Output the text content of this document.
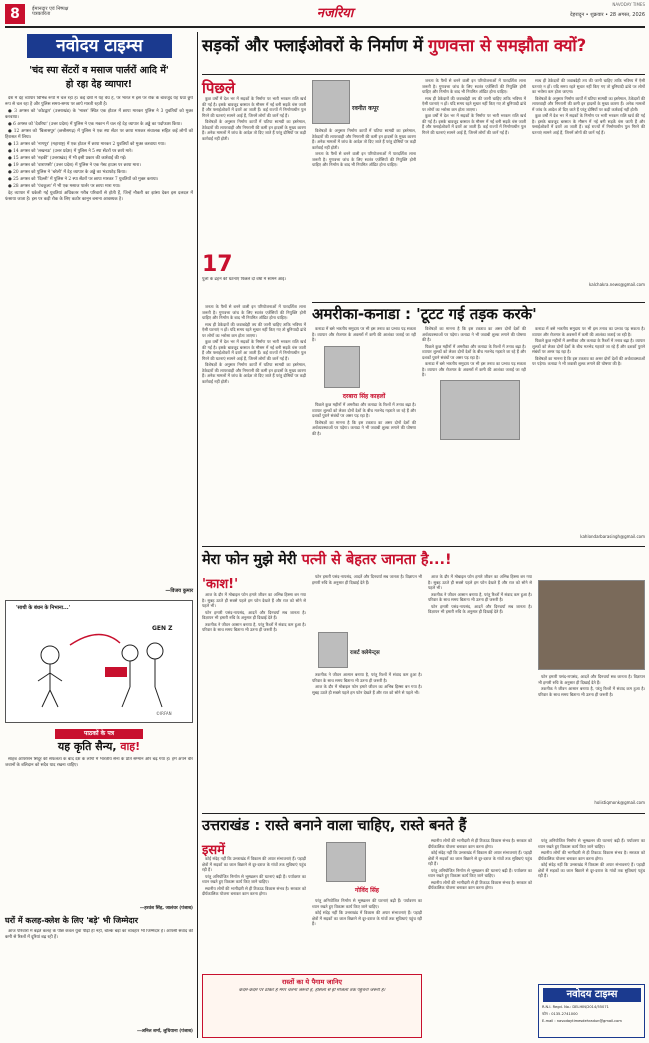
8	ईमानदार एवं निष्पक्ष
पत्रकारिता	नजरिया	देहरादून • शुक्रवार • 28 अगस्त, 2026
NAVODAY TIMES
नवोदय टाइम्स
'चंद स्पा सेंटरों व मसाज पार्लरों आदि में'
हो रहा देह व्यापार!

देश में देह व्यापार विभिन्न रूपों में चल रहा है। कई देशों में यह वैध है, पर भारत में इस पर रोक के बावजूद यह धंधा छुपे रूप से चल रहा है और पुलिस समय-समय पर छापे मारती रहती है।

● 3 अगस्त को 'कोटद्वार' (उत्तराखंड) के 'भाबर' स्थित एक होटल में छापा मारकर पुलिस ने 3 युवतियों को मुक्त करवाया।

● 6 अगस्त को 'देवरिया' (उत्तर प्रदेश) में पुलिस ने एक मकान में चल रहे देह व्यापार के अड्डे का पर्दाफाश किया।

● 12 अगस्त को 'बिलासपुर' (छत्तीसगढ़) में पुलिस ने एक स्पा सेंटर पर छापा मारकर संचालक सहित कई लोगों को हिरासत में लिया।

● 13 अगस्त को 'नागपुर' (महाराष्ट्र) में एक होटल में छापा मारकर 2 युवतियों को मुक्त करवाया गया।

● 14 अगस्त को 'लखनऊ' (उत्तर प्रदेश) में पुलिस ने 5 स्पा सेंटरों पर छापे मारे।

● 15 अगस्त को 'रुड़की' (उत्तराखंड) में भी इसी प्रकार की कार्रवाई की गई।

● 19 अगस्त को 'वाराणसी' (उत्तर प्रदेश) में पुलिस ने एक गेस्ट हाउस पर छापा मारा।

● 20 अगस्त को पुलिस ने 'बरेली' में देह व्यापार के अड्डे का भंडाफोड़ किया।

● 25 अगस्त को 'दिल्ली' में पुलिस ने 2 स्पा सेंटरों पर छापा मारकर 7 युवतियों को मुक्त कराया।

● 28 अगस्त को 'पंचकूला' में भी एक मसाज पार्लर पर छापा मारा गया।

देह व्यापार में धकेली गई युवतियां अधिकतर गरीब परिवारों से होती हैं, जिन्हें नौकरी का झांसा देकर इस दलदल में फंसाया जाता है। इस पर कड़ी रोक के लिए कठोर कानून बनाना आवश्यक है।

—विजय कुमार
'साथी के बंधन के निभाना...'
GEN Z
©IRFAN
पाठकों के पत्र
यह कृति सैन्य, वाह!

साहब ऑपरेशन सिंदूर की सफलता के बाद देश के लोगों में भारतीय सेना के प्रति सम्मान और बढ़ गया है। हमें अपने वीर जवानों के बलिदान को सदैव याद रखना चाहिए।

—हरवंश सिंह, जालंधर (पंजाब)
घरों में कलह-क्लेश के लिए 'बड़े' भी जिम्मेदार

आज परिवारों में बढ़ते कलह के पीछे केवल युवा पीढ़ी ही नहीं, बल्कि बड़ों का व्यवहार भी जिम्मेदार है। आपसी संवाद की कमी से रिश्तों में दूरियां बढ़ रही हैं।

—अनिल शर्मा, लुधियाना (पंजाब)
सड़कों और फ्लाईओवरों के निर्माण में गुणवत्ता से समझौता क्यों?
पिछले

कुछ वर्षों में देश भर में सड़कों के निर्माण पर भारी भरकम राशि खर्च की गई है। इसके बावजूद बरसात के मौसम में नई बनी सड़कें धंस जाती हैं और फ्लाईओवरों में दरारें आ जाती हैं। कई राज्यों में निर्माणाधीन पुल गिरने की घटनाएं सामने आई हैं, जिनमें लोगों की जानें गई हैं।

विशेषज्ञों के अनुसार निर्माण कार्यों में घटिया सामग्री का इस्तेमाल, ठेकेदारों की लापरवाही और निगरानी की कमी इन हादसों के मुख्य कारण हैं। अनेक मामलों में जांच के आदेश तो दिए जाते हैं परंतु दोषियों पर कड़ी कार्रवाई नहीं होती।

17
पुलों के ढहने की घटनाएं पिछले दो वर्षों में सामने आईं।
रवनीत कपूर

विशेषज्ञों के अनुसार निर्माण कार्यों में घटिया सामग्री का इस्तेमाल, ठेकेदारों की लापरवाही और निगरानी की कमी इन हादसों के मुख्य कारण हैं। अनेक मामलों में जांच के आदेश तो दिए जाते हैं परंतु दोषियों पर कड़ी कार्रवाई नहीं होती।

जनता के पैसों से बनने वाली इन परियोजनाओं में पारदर्शिता लाना जरूरी है। गुणवत्ता जांच के लिए स्वतंत्र एजेंसियों की नियुक्ति होनी चाहिए और निर्माण के बाद भी नियमित ऑडिट होना चाहिए।

जनता के पैसों से बनने वाली इन परियोजनाओं में पारदर्शिता लाना जरूरी है। गुणवत्ता जांच के लिए स्वतंत्र एजेंसियों की नियुक्ति होनी चाहिए और निर्माण के बाद भी नियमित ऑडिट होना चाहिए।

साथ ही ठेकेदारों की जवाबदेही तय की जानी चाहिए ताकि भविष्य में ऐसी घटनाएं न हों। यदि समय रहते सुधार नहीं किए गए तो बुनियादी ढांचे पर लोगों का भरोसा कम होता जाएगा।

कुछ वर्षों में देश भर में सड़कों के निर्माण पर भारी भरकम राशि खर्च की गई है। इसके बावजूद बरसात के मौसम में नई बनी सड़कें धंस जाती हैं और फ्लाईओवरों में दरारें आ जाती हैं। कई राज्यों में निर्माणाधीन पुल गिरने की घटनाएं सामने आई हैं, जिनमें लोगों की जानें गई हैं।

साथ ही ठेकेदारों की जवाबदेही तय की जानी चाहिए ताकि भविष्य में ऐसी घटनाएं न हों। यदि समय रहते सुधार नहीं किए गए तो बुनियादी ढांचे पर लोगों का भरोसा कम होता जाएगा।

विशेषज्ञों के अनुसार निर्माण कार्यों में घटिया सामग्री का इस्तेमाल, ठेकेदारों की लापरवाही और निगरानी की कमी इन हादसों के मुख्य कारण हैं। अनेक मामलों में जांच के आदेश तो दिए जाते हैं परंतु दोषियों पर कड़ी कार्रवाई नहीं होती।

कुछ वर्षों में देश भर में सड़कों के निर्माण पर भारी भरकम राशि खर्च की गई है। इसके बावजूद बरसात के मौसम में नई बनी सड़कें धंस जाती हैं और फ्लाईओवरों में दरारें आ जाती हैं। कई राज्यों में निर्माणाधीन पुल गिरने की घटनाएं सामने आई हैं, जिनमें लोगों की जानें गई हैं।

kalchakra.news@gmail.com
अमरीका-कनाडा : 'टूटट गई तड़क करके'
दरबारा सिंह काहलों

कनाडा में बसे भारतीय समुदाय पर भी इस तनाव का प्रभाव पड़ सकता है। व्यापार और रोजगार के अवसरों में कमी की आशंका जताई जा रही है।

पिछले कुछ महीनों में अमरीका और कनाडा के रिश्तों में तनाव बढ़ा है। व्यापार शुल्कों को लेकर दोनों देशों के बीच मतभेद गहराते जा रहे हैं और दशकों पुराने संबंधों पर असर पड़ रहा है।

विशेषज्ञों का मानना है कि इस टकराव का असर दोनों देशों की अर्थव्यवस्थाओं पर पड़ेगा। कनाडा ने भी जवाबी शुल्क लगाने की घोषणा की है।

विशेषज्ञों का मानना है कि इस टकराव का असर दोनों देशों की अर्थव्यवस्थाओं पर पड़ेगा। कनाडा ने भी जवाबी शुल्क लगाने की घोषणा की है।

पिछले कुछ महीनों में अमरीका और कनाडा के रिश्तों में तनाव बढ़ा है। व्यापार शुल्कों को लेकर दोनों देशों के बीच मतभेद गहराते जा रहे हैं और दशकों पुराने संबंधों पर असर पड़ रहा है।

कनाडा में बसे भारतीय समुदाय पर भी इस तनाव का प्रभाव पड़ सकता है। व्यापार और रोजगार के अवसरों में कमी की आशंका जताई जा रही है।

कनाडा में बसे भारतीय समुदाय पर भी इस तनाव का प्रभाव पड़ सकता है। व्यापार और रोजगार के अवसरों में कमी की आशंका जताई जा रही है।

पिछले कुछ महीनों में अमरीका और कनाडा के रिश्तों में तनाव बढ़ा है। व्यापार शुल्कों को लेकर दोनों देशों के बीच मतभेद गहराते जा रहे हैं और दशकों पुराने संबंधों पर असर पड़ रहा है।

विशेषज्ञों का मानना है कि इस टकराव का असर दोनों देशों की अर्थव्यवस्थाओं पर पड़ेगा। कनाडा ने भी जवाबी शुल्क लगाने की घोषणा की है।

kahlondarbarasingh@gmail.com

जनता के पैसों से बनने वाली इन परियोजनाओं में पारदर्शिता लाना जरूरी है। गुणवत्ता जांच के लिए स्वतंत्र एजेंसियों की नियुक्ति होनी चाहिए और निर्माण के बाद भी नियमित ऑडिट होना चाहिए।

साथ ही ठेकेदारों की जवाबदेही तय की जानी चाहिए ताकि भविष्य में ऐसी घटनाएं न हों। यदि समय रहते सुधार नहीं किए गए तो बुनियादी ढांचे पर लोगों का भरोसा कम होता जाएगा।

कुछ वर्षों में देश भर में सड़कों के निर्माण पर भारी भरकम राशि खर्च की गई है। इसके बावजूद बरसात के मौसम में नई बनी सड़कें धंस जाती हैं और फ्लाईओवरों में दरारें आ जाती हैं। कई राज्यों में निर्माणाधीन पुल गिरने की घटनाएं सामने आई हैं, जिनमें लोगों की जानें गई हैं।

विशेषज्ञों के अनुसार निर्माण कार्यों में घटिया सामग्री का इस्तेमाल, ठेकेदारों की लापरवाही और निगरानी की कमी इन हादसों के मुख्य कारण हैं। अनेक मामलों में जांच के आदेश तो दिए जाते हैं परंतु दोषियों पर कड़ी कार्रवाई नहीं होती।

मेरा फोन मुझे मेरी पत्नी से बेहतर जानता है...!
'काश!'

आज के दौर में मोबाइल फोन हमारे जीवन का अभिन्न हिस्सा बन गया है। सुबह उठते ही सबसे पहले हम फोन देखते हैं और रात को सोने से पहले भी।

फोन हमारी पसंद-नापसंद, आदतें और दिनचर्या सब जानता है। विज्ञापन भी हमारी रुचि के अनुसार ही दिखाई देते हैं।

तकनीक ने जीवन आसान बनाया है, परंतु रिश्तों में संवाद कम हुआ है। परिवार के साथ समय बिताना भी उतना ही जरूरी है।

फोन हमारी पसंद-नापसंद, आदतें और दिनचर्या सब जानता है। विज्ञापन भी हमारी रुचि के अनुसार ही दिखाई देते हैं।

राबर्ट क्लेमेन्ट्स

तकनीक ने जीवन आसान बनाया है, परंतु रिश्तों में संवाद कम हुआ है। परिवार के साथ समय बिताना भी उतना ही जरूरी है।

आज के दौर में मोबाइल फोन हमारे जीवन का अभिन्न हिस्सा बन गया है। सुबह उठते ही सबसे पहले हम फोन देखते हैं और रात को सोने से पहले भी।

आज के दौर में मोबाइल फोन हमारे जीवन का अभिन्न हिस्सा बन गया है। सुबह उठते ही सबसे पहले हम फोन देखते हैं और रात को सोने से पहले भी।

तकनीक ने जीवन आसान बनाया है, परंतु रिश्तों में संवाद कम हुआ है। परिवार के साथ समय बिताना भी उतना ही जरूरी है।

फोन हमारी पसंद-नापसंद, आदतें और दिनचर्या सब जानता है। विज्ञापन भी हमारी रुचि के अनुसार ही दिखाई देते हैं।

फोन हमारी पसंद-नापसंद, आदतें और दिनचर्या सब जानता है। विज्ञापन भी हमारी रुचि के अनुसार ही दिखाई देते हैं।

तकनीक ने जीवन आसान बनाया है, परंतु रिश्तों में संवाद कम हुआ है। परिवार के साथ समय बिताना भी उतना ही जरूरी है।

holistiqmonk@gmail.com
उत्तराखंड : रास्ते बनाने वाला चाहिए, रास्ते बनते हैं
इसमें

कोई संदेह नहीं कि उत्तराखंड में विकास की अपार संभावनाएं हैं। पहाड़ी क्षेत्रों में सड़कों का जाल बिछाने से दूर-दराज के गांवों तक सुविधाएं पहुंच रही हैं।

परंतु अनियोजित निर्माण से भूस्खलन की घटनाएं बढ़ी हैं। पर्यावरण का ध्यान रखते हुए विकास कार्य किए जाने चाहिए।

स्थानीय लोगों की भागीदारी से ही टिकाऊ विकास संभव है। सरकार को दीर्घकालिक योजना बनाकर काम करना होगा।	गोविंद सिंह

परंतु अनियोजित निर्माण से भूस्खलन की घटनाएं बढ़ी हैं। पर्यावरण का ध्यान रखते हुए विकास कार्य किए जाने चाहिए।

कोई संदेह नहीं कि उत्तराखंड में विकास की अपार संभावनाएं हैं। पहाड़ी क्षेत्रों में सड़कों का जाल बिछाने से दूर-दराज के गांवों तक सुविधाएं पहुंच रही हैं।

स्थानीय लोगों की भागीदारी से ही टिकाऊ विकास संभव है। सरकार को दीर्घकालिक योजना बनाकर काम करना होगा।

कोई संदेह नहीं कि उत्तराखंड में विकास की अपार संभावनाएं हैं। पहाड़ी क्षेत्रों में सड़कों का जाल बिछाने से दूर-दराज के गांवों तक सुविधाएं पहुंच रही हैं।

परंतु अनियोजित निर्माण से भूस्खलन की घटनाएं बढ़ी हैं। पर्यावरण का ध्यान रखते हुए विकास कार्य किए जाने चाहिए।

स्थानीय लोगों की भागीदारी से ही टिकाऊ विकास संभव है। सरकार को दीर्घकालिक योजना बनाकर काम करना होगा।

परंतु अनियोजित निर्माण से भूस्खलन की घटनाएं बढ़ी हैं। पर्यावरण का ध्यान रखते हुए विकास कार्य किए जाने चाहिए।

स्थानीय लोगों की भागीदारी से ही टिकाऊ विकास संभव है। सरकार को दीर्घकालिक योजना बनाकर काम करना होगा।

कोई संदेह नहीं कि उत्तराखंड में विकास की अपार संभावनाएं हैं। पहाड़ी क्षेत्रों में सड़कों का जाल बिछाने से दूर-दराज के गांवों तक सुविधाएं पहुंच रही हैं।

रास्तों का ये पैगाम जानिए
कदम-कदम पर ठोकरें हैं मगर चलना जरूरी है, हौसलों से ही मंजिलों तक पहुंचना जरूरी है।	नवोदय टाइम्स
R.N.I. Regd. No.: DELHIN/2014/55071
फोन : 0135-2741000
E-mail : navodaytimesdehradun@gmail.com
